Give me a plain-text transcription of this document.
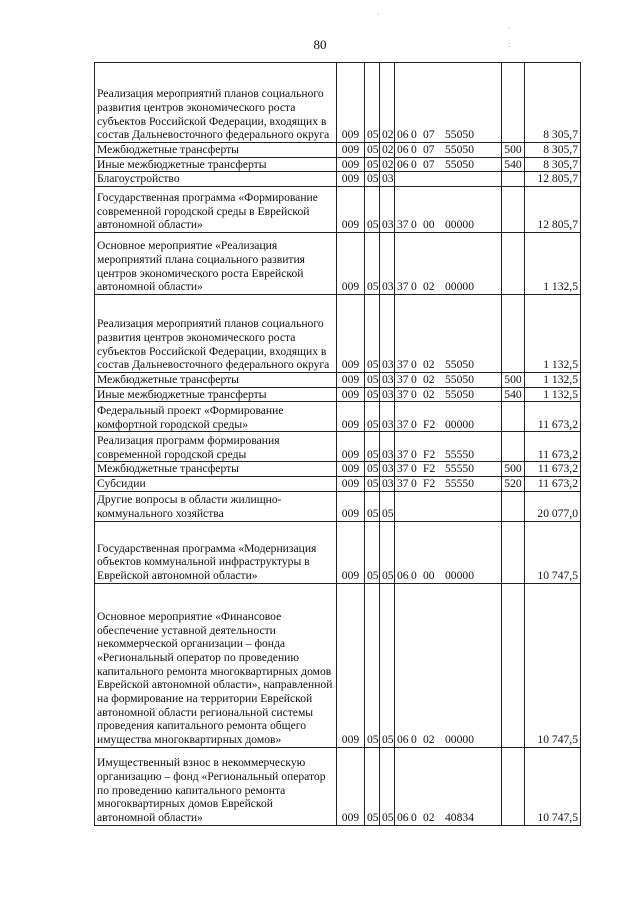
80
Реализация мероприятий планов социального развития центров экономического роста субъектов Российской Федерации, входящих в состав Дальневосточного федерального округа	009	05	02	06 0 07 55050		8 305,7

Межбюджетные трансферты	009	05	02	06 0 07 55050	500	8 305,7

Иные межбюджетные трансферты	009	05	02	06 0 07 55050	540	8 305,7

Благоустройство	009	05	03			12 805,7

Государственная программа «Формирование современной городской среды в Еврейской автономной области»	009	05	03	37 0 00 00000		12 805,7

Основное мероприятие «Реализация мероприятий плана социального развития центров экономического роста Еврейской автономной области»	009	05	03	37 0 02 00000		1 132,5

Реализация мероприятий планов социального развития центров экономического роста субъектов Российской Федерации, входящих в состав Дальневосточного федерального округа	009	05	03	37 0 02 55050		1 132,5

Межбюджетные трансферты	009	05	03	37 0 02 55050	500	1 132,5

Иные межбюджетные трансферты	009	05	03	37 0 02 55050	540	1 132,5

Федеральный проект «Формирование комфортной городской среды»	009	05	03	37 0 F2 00000		11 673,2

Реализация программ формирования современной городской среды	009	05	03	37 0 F2 55550		11 673,2

Межбюджетные трансферты	009	05	03	37 0 F2 55550	500	11 673,2

Субсидии	009	05	03	37 0 F2 55550	520	11 673,2

Другие вопросы в области жилищно-коммунального хозяйства	009	05	05			20 077,0

Государственная программа «Модернизация объектов коммунальной инфраструктуры в Еврейской автономной области»	009	05	05	06 0 00 00000		10 747,5

Основное мероприятие «Финансовое обеспечение уставной деятельности некоммерческой организации – фонда «Региональный оператор по проведению капитального ремонта многоквартирных домов Еврейской автономной области», направленной на формирование на территории Еврейской автономной области региональной системы проведения капитального ремонта общего имущества многоквартирных домов»	009	05	05	06 0 02 00000		10 747,5

Имущественный взнос в некоммерческую организацию – фонд «Региональный оператор по проведению капитального ремонта многоквартирных домов Еврейской автономной области»	009	05	05	06 0 02 40834		10 747,5
·
·
:
